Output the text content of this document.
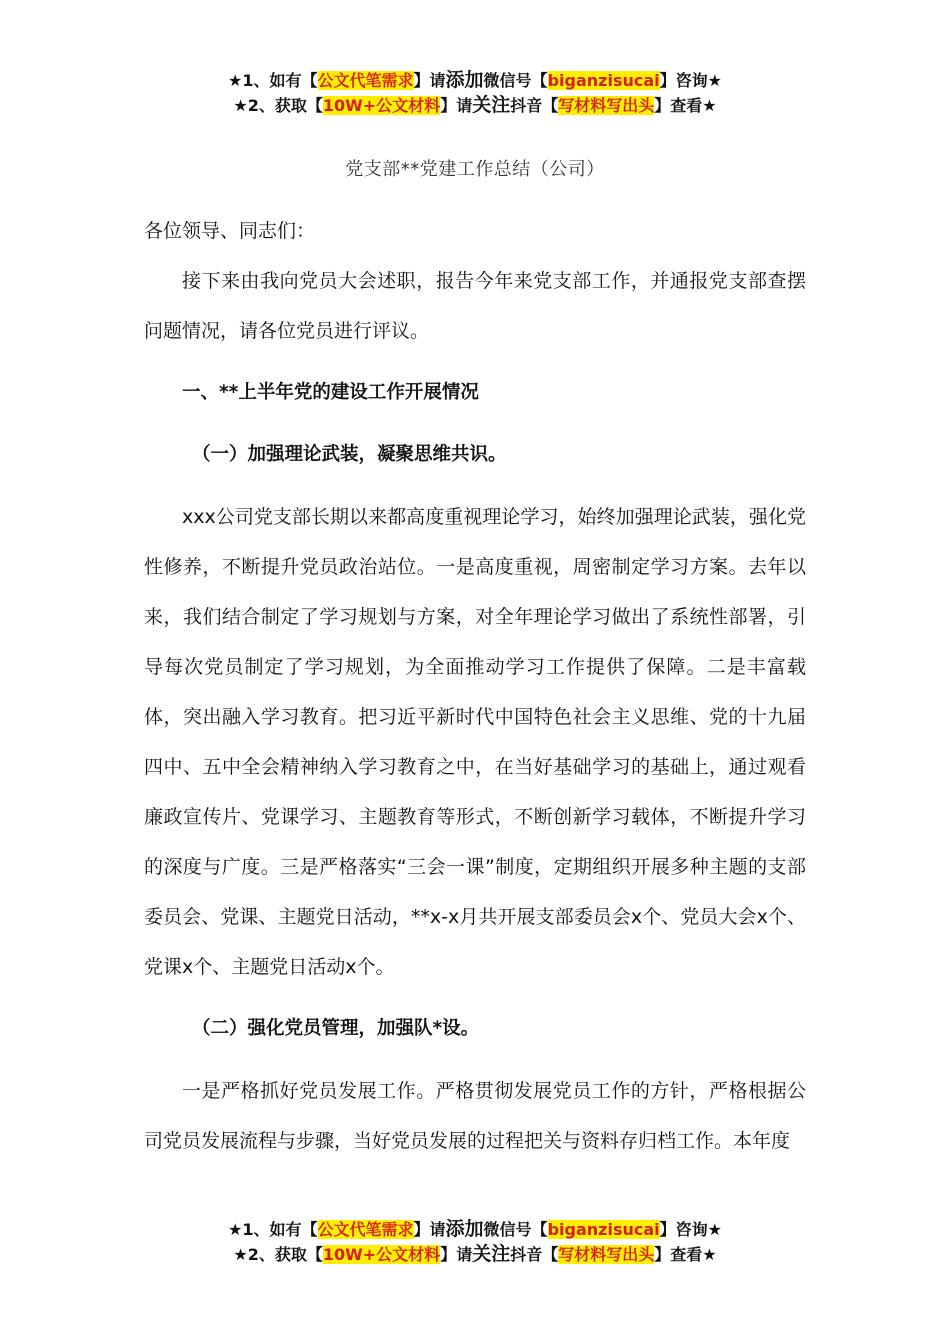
★1、如有【公文代笔需求】请添加微信号【biganzisucai】咨询★
★2、获取【10W+公文材料】请关注抖音【写材料写出头】查看★
党支部**党建工作总结（公司）

各位领导、同志们：

接下来由我向党员大会述职，报告今年来党支部工作，并通报党支部查摆问题情况，请各位党员进行评议。

一、**上半年党的建设工作开展情况

（一）加强理论武装，凝聚思维共识。

xxx公司党支部长期以来都高度重视理论学习，始终加强理论武装，强化党性修养，不断提升党员政治站位。一是高度重视，周密制定学习方案。去年以来，我们结合制定了学习规划与方案，对全年理论学习做出了系统性部署，引导每次党员制定了学习规划，为全面推动学习工作提供了保障。二是丰富载体，突出融入学习教育。把习近平新时代中国特色社会主义思维、党的十九届四中、五中全会精神纳入学习教育之中，在当好基础学习的基础上，通过观看廉政宣传片、党课学习、主题教育等形式，不断创新学习载体，不断提升学习的深度与广度。三是严格落实“三会一课”制度，定期组织开展多种主题的支部委员会、党课、主题党日活动，**x-x月共开展支部委员会x个、党员大会x个、党课x个、主题党日活动x个。

（二）强化党员管理，加强队*设。

一是严格抓好党员发展工作。严格贯彻发展党员工作的方针，严格根据公司党员发展流程与步骤，当好党员发展的过程把关与资料存归档工作。本年度

★1、如有【公文代笔需求】请添加微信号【biganzisucai】咨询★
★2、获取【10W+公文材料】请关注抖音【写材料写出头】查看★
